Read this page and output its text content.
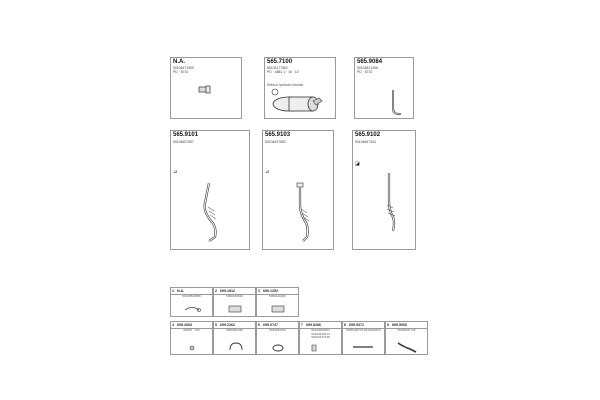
N.A.
50104671950
PD · 8710
565.7100
50103177652
PD · 4881 1 · 16 · 10
Without hydraulic retarder
565.9084
50103821256
PD · 8710
565.9101
50104657657
⊿
565.9103
50104637883
⊿
565.9102
50104667443
◪
1 N.A.
50100523980
2 699.1912
5000182639
3 699.1252
5000120230
4 699.2663
0000P · 700
5 699.2262
5000182435
6 699.0747
5010184370
7 699.5286
50104004064 50100246274 50103477346
8 699.5371
5000120776 5010432270
9 699.5006
5000P05 718
